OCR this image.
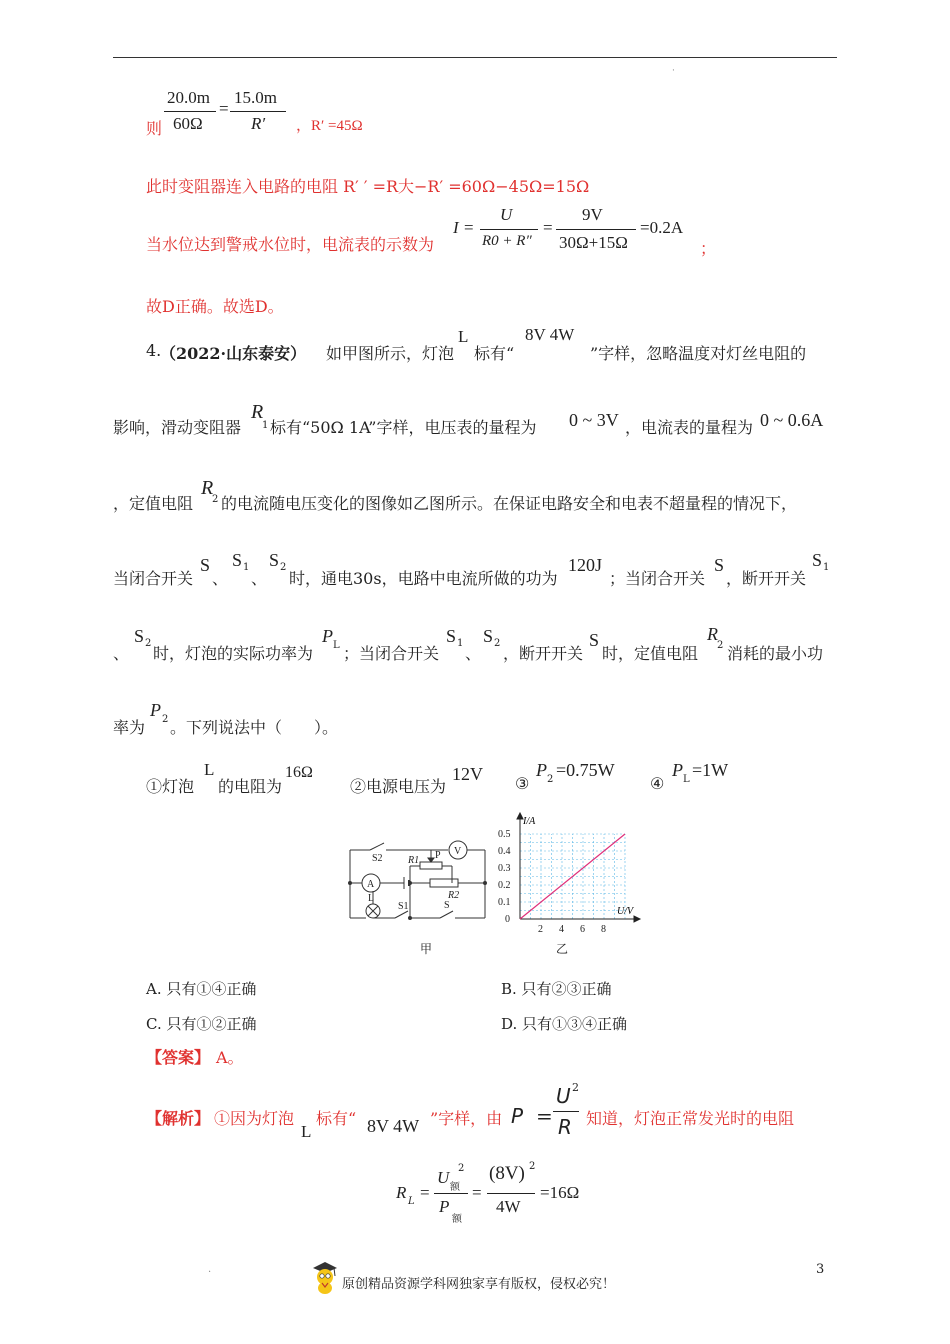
·
则
20.0m
60Ω
=
15.0m
R′ ，R′ =45Ω
此时变阻器连入电路的电阻 R′ ′ =R大−R′ =60Ω−45Ω=15Ω
当水位达到警戒水位时，电流表的示数为
I =
U
R0 + R″
=
9V
30Ω+15Ω
=0.2A
；
故D正确。故选D。
4.
（2022·山东泰安） 如甲图所示，灯泡
L
标有“
8V 4W
”字样，忽略温度对灯丝电阻的
影响，滑动变阻器
R
1 标有“50Ω 1A”字样，电压表的量程为 0 ~ 3V ，电流表的量程为 0 ~ 0.6A
，定值电阻
R
2 的电流随电压变化的图像如乙图所示。在保证电路安全和电表不超量程的情况下，
当闭合开关
S
、
S 1
、
S 2
时，通电30s，电路中电流所做的功为
120J
；当闭合开关
S
，断开开关
S 1
、
S 2
时，灯泡的实际功率为
P L ；当闭合开关
S 1
、
S 2
，断开开关
S
时，定值电阻
R
2 消耗的最小功
率为
P 2 。下列说法中（　　）。
①灯泡
L
的电阻为
16Ω
②电源电压为
12V ③
P 2 =0.75W
④
P L =1W
S2	R1 P V
A
R2
L
S1	S
甲
0.5
0.4
0.3
0.2
0.1
0
2 4 6 8
I/A
U/V
乙
A. 只有①④正确	B. 只有②③正确
C. 只有①②正确	D. 只有①③④正确
【答案】 A。
【解析】 ①因为灯泡
L
标有“ 8V 4W ”字样，由 P =
U 2
R 知道，灯泡正常发光时的电阻
R L =
U
额
2
P
额
=
(8V) 2
4W
=16Ω
.	3
原创精品资源学科网独家享有版权，侵权必究！
